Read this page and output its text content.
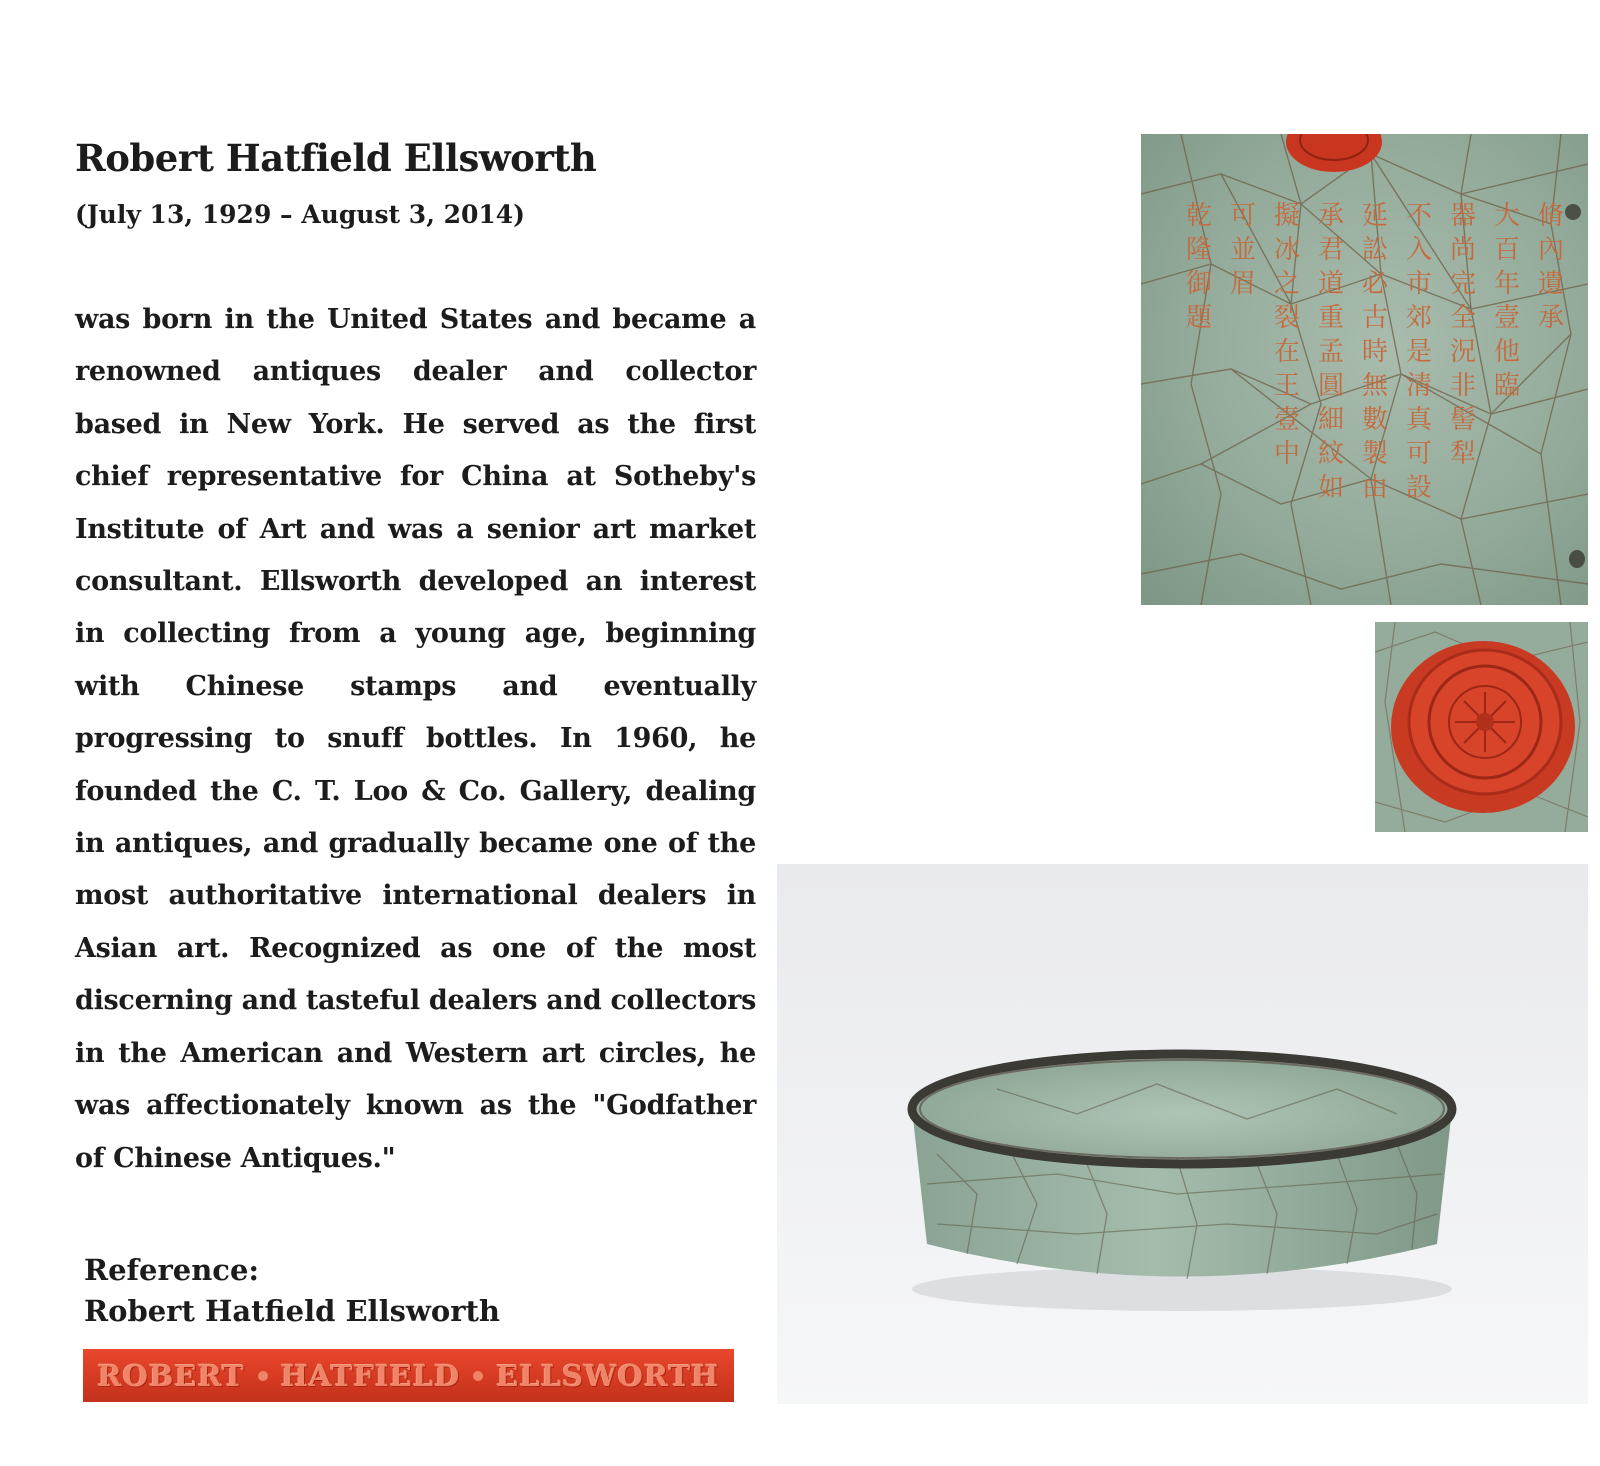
Robert Hatfield Ellsworth
(July 13, 1929 – August 3, 2014)
was born in the United States and became a renowned antiques dealer and collector based in New York. He served as the first chief representative for China at Sotheby's Institute of Art and was a senior art market consultant. Ellsworth developed an interest in collecting from a young age, beginning with Chinese stamps and eventually progressing to snuff bottles. In 1960, he founded the C. T. Loo & Co. Gallery, dealing in antiques, and gradually became one of the most authoritative international dealers in Asian art. Recognized as one of the most discerning and tasteful dealers and collectors in the American and Western art circles, he was affectionately known as the "Godfather of Chinese Antiques."
Reference:
Robert Hatfield Ellsworth
ROBERT HATFIELD ELLSWORTH
乾
隆
御
題
可
並
眉
擬
冰
之
裂
在
王
壹
中
承
君
道
重
孟
圓
細
紋
如
延
訟
必
古
時
無
數
製
由
不
入
市
郊
是
清
真
可
設
器
尚
完
全
況
非
髻
犁
大
百
年
壹
他
臨
脩
內
遺
承
